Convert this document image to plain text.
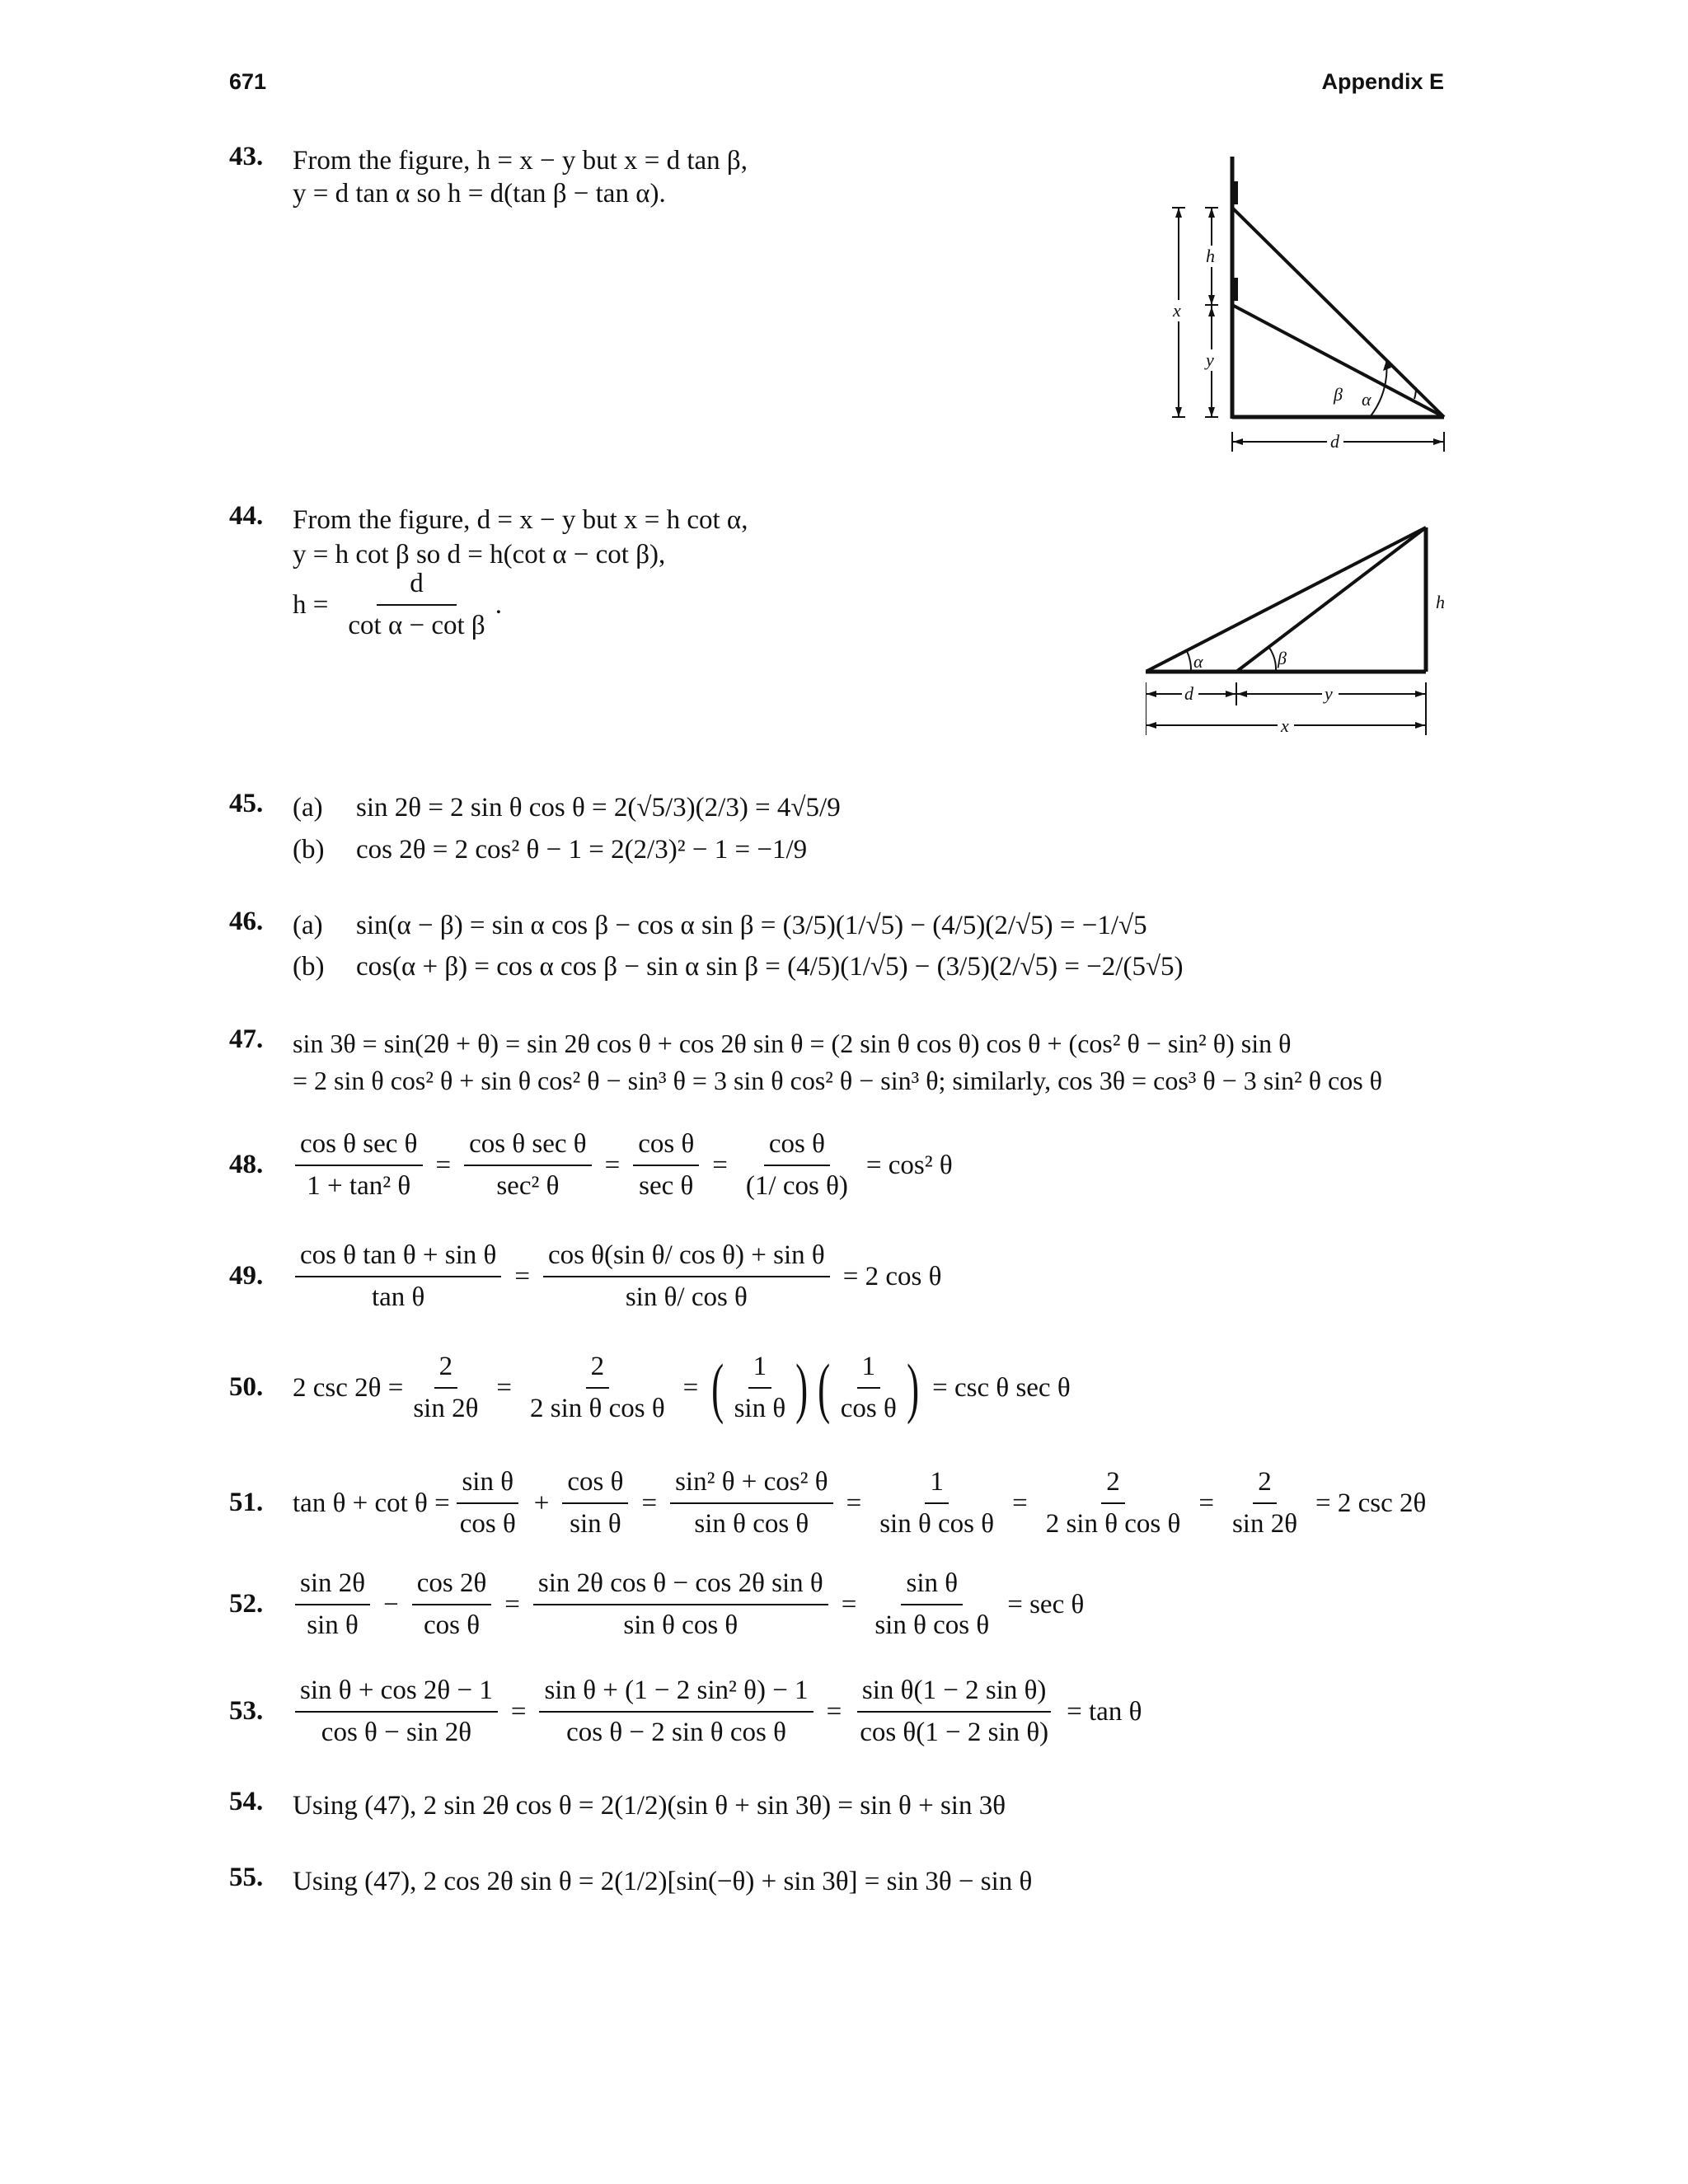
671	Appendix E
43. From the figure, h = x − y but x = d tan β,
y = d tan α so h = d(tan β − tan α).
h
y
x
β α
d
44. From the figure, d = x − y but x = h cot α,
y = h cot β so d = h(cot α − cot β),
$h = \frac{d}{\text{cot α − cot β}}$ .	h
α	β
d	y
x
45. (a) sin 2θ = 2 sin θ cos θ = 2(√5/3)(2/3) = 4√5/9
(b) cos 2θ = 2 cos² θ − 1 = 2(2/3)² − 1 = −1/9
46. (a) sin(α − β) = sin α cos β − cos α sin β = (3/5)(1/√5) − (4/5)(2/√5) = −1/√5
(b) cos(α + β) = cos α cos β − sin α sin β = (4/5)(1/√5) − (3/5)(2/√5) = −2/(5√5)
47. sin 3θ = sin(2θ + θ) = sin 2θ cos θ + cos 2θ sin θ = (2 sin θ cos θ) cos θ + (cos² θ − sin² θ) sin θ
= 2 sin θ cos² θ + sin θ cos² θ − sin³ θ = 3 sin θ cos² θ − sin³ θ; similarly, cos 3θ = cos³ θ − 3 sin² θ cos θ
48. $\frac{\text{cos θ sec θ}}{\text{1 + tan² θ}} = \frac{\text{cos θ sec θ}}{\text{sec² θ}} = \frac{\text{cos θ}}{\text{sec θ}} = \frac{\text{cos θ}}{\text{(1/ cos θ)}} = \cos^2$ θ
49. $\frac{\text{cos θ tan θ + sin θ}}{\text{tan θ}} = \frac{\text{cos θ(sin θ/ cos θ) + sin θ}}{\text{sin θ/ cos θ}} = 2$ cos θ
50. 2 $\csc 2\theta = \frac{2}{\sin 2\theta} = \frac{2}{\text{2 sin θ cos θ}}$ = ( $\frac{1}{\text{sin θ}}$ ) ( $\frac{1}{\text{cos θ}}$ ) = csc θ sec θ
51. $\tan \theta + \cot \theta = \frac{\text{sin θ}}{\text{cos θ}} + \frac{\text{cos θ}}{\text{sin θ}} = \frac{\text{sin² θ + cos² θ}}{\text{sin θ cos θ}} = \frac{1}{\text{sin θ cos θ}} = \frac{2}{\text{2 sin θ cos θ}} = \frac{2}{\sin 2\theta} = 2$ csc 2θ
52. $\frac{\sin 2\theta}{\text{sin θ}} - \frac{\cos 2\theta}{\text{cos θ}} = \frac{\text{sin 2θ cos θ − cos 2θ sin θ}}{\text{sin θ cos θ}} = \frac{\text{sin θ}}{\text{sin θ cos θ}} = \sec \theta$
53. $\frac{\text{sin θ + cos 2θ − 1}}{\text{cos θ − sin 2θ}} = \frac{\text{sin θ + (1 − 2 sin² θ) − 1}}{\text{cos θ − 2 sin θ cos θ}} = \frac{\text{sin θ(1 − 2 sin θ)}}{\text{cos θ(1 − 2 sin θ)}} = \tan \theta$
54. Using (47), 2 sin 2θ cos θ = 2(1/2)(sin θ + sin 3θ) = sin θ + sin 3θ
55. Using (47), 2 cos 2θ sin θ = 2(1/2)[sin(−θ) + sin 3θ] = sin 3θ − sin θ
